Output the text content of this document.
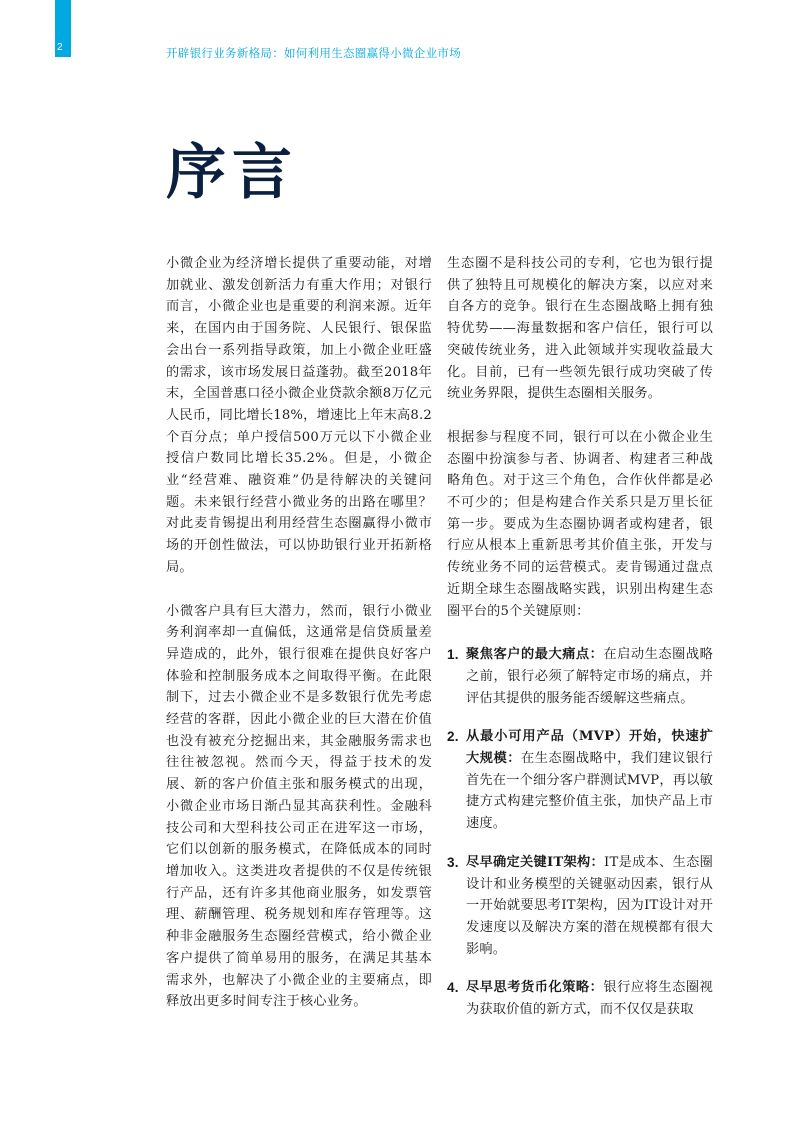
2	开辟银行业务新格局：如何利用生态圈赢得小微企业市场
序言

小微企业为经济增长提供了重要动能，对增加就业、激发创新活力有重大作用；对银行而言，小微企业也是重要的利润来源。近年来，在国内由于国务院、人民银行、银保监会出台一系列指导政策，加上小微企业旺盛的需求，该市场发展日益蓬勃。截至2018年末，全国普惠口径小微企业贷款余额8万亿元人民币，同比增长18%，增速比上年末高8.2个百分点；单户授信500万元以下小微企业授信户数同比增长35.2%。但是，小微企业“经营难、融资难”仍是待解决的关键问题。未来银行经营小微业务的出路在哪里？对此麦肯锡提出利用经营生态圈赢得小微市场的开创性做法，可以协助银行业开拓新格局。

小微客户具有巨大潜力，然而，银行小微业务利润率却一直偏低，这通常是信贷质量差异造成的，此外，银行很难在提供良好客户体验和控制服务成本之间取得平衡。在此限制下，过去小微企业不是多数银行优先考虑经营的客群，因此小微企业的巨大潜在价值也没有被充分挖掘出来，其金融服务需求也往往被忽视。然而今天，得益于技术的发展、新的客户价值主张和服务模式的出现，小微企业市场日渐凸显其高获利性。金融科技公司和大型科技公司正在进军这一市场，它们以创新的服务模式，在降低成本的同时增加收入。这类进攻者提供的不仅是传统银行产品，还有许多其他商业服务，如发票管理、薪酬管理、税务规划和库存管理等。这种非金融服务生态圈经营模式，给小微企业客户提供了简单易用的服务，在满足其基本需求外，也解决了小微企业的主要痛点，即释放出更多时间专注于核心业务。

生态圈不是科技公司的专利，它也为银行提供了独特且可规模化的解决方案，以应对来自各方的竞争。银行在生态圈战略上拥有独特优势——海量数据和客户信任，银行可以突破传统业务，进入此领域并实现收益最大化。目前，已有一些领先银行成功突破了传统业务界限，提供生态圈相关服务。

根据参与程度不同，银行可以在小微企业生态圈中扮演参与者、协调者、构建者三种战略角色。对于这三个角色，合作伙伴都是必不可少的；但是构建合作关系只是万里长征第一步。要成为生态圈协调者或构建者，银行应从根本上重新思考其价值主张，开发与传统业务不同的运营模式。麦肯锡通过盘点近期全球生态圈战略实践，识别出构建生态圈平台的5个关键原则：

1. 聚焦客户的最大痛点：在启动生态圈战略之前，银行必须了解特定市场的痛点，并评估其提供的服务能否缓解这些痛点。
2. 从最小可用产品（MVP）开始，快速扩大规模：在生态圈战略中，我们建议银行首先在一个细分客户群测试MVP，再以敏捷方式构建完整价值主张，加快产品上市速度。
3. 尽早确定关键IT架构：IT是成本、生态圈设计和业务模型的关键驱动因素，银行从一开始就要思考IT架构，因为IT设计对开发速度以及解决方案的潜在规模都有很大影响。
4. 尽早思考货币化策略：银行应将生态圈视为获取价值的新方式，而不仅仅是获取
